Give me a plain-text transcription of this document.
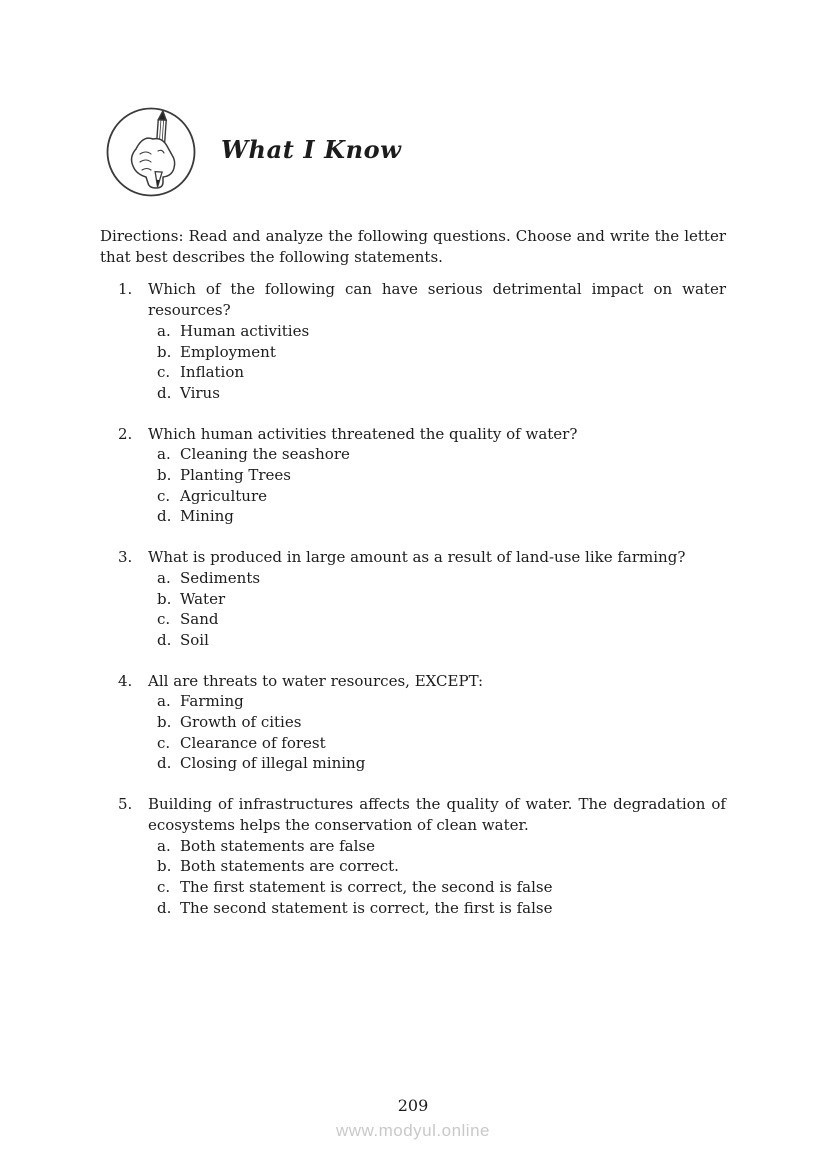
What I Know

Directions: Read and analyze the following questions. Choose and write the letter that best describes the following statements.

1.	Which of the following can have serious detrimental impact on water resources?
a. Human activities
b. Employment
c. Inflation
d. Virus
2.	Which human activities threatened the quality of water?
a. Cleaning the seashore
b. Planting Trees
c. Agriculture
d. Mining
3.	What is produced in large amount as a result of land-use like farming?
a. Sediments
b. Water
c. Sand
d. Soil
4.	All are threats to water resources, EXCEPT:
a. Farming
b. Growth of cities
c. Clearance of forest
d. Closing of illegal mining
5.	Building of infrastructures affects the quality of water. The degradation of ecosystems helps the conservation of clean water.
a. Both statements are false
b. Both statements are correct.
c. The first statement is correct, the second is false
d. The second statement is correct, the first is false
209
www.modyul.online
